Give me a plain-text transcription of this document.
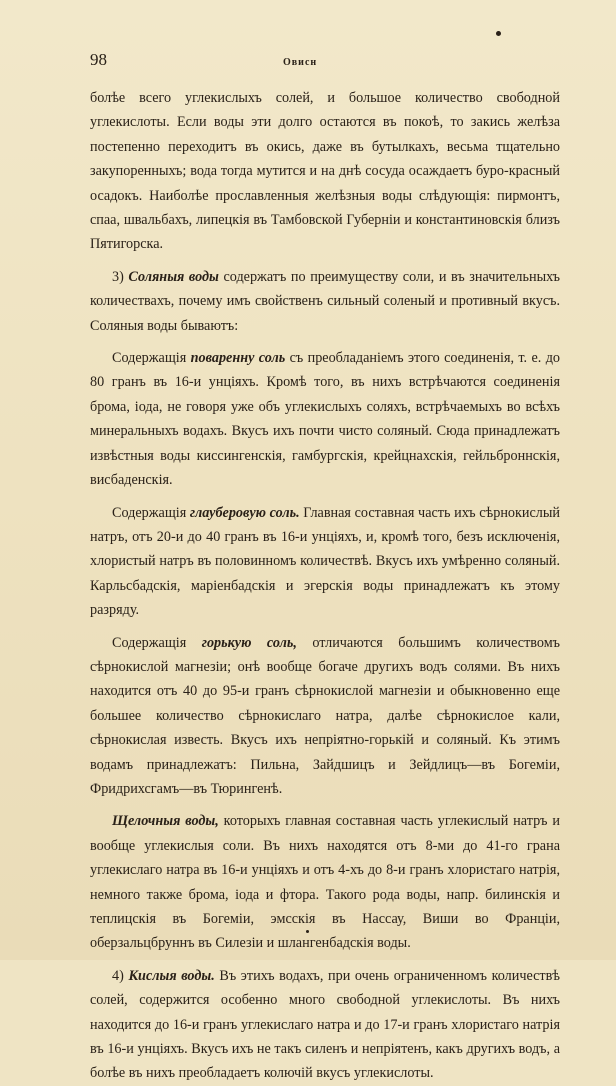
98	Овисн

болѣе всего углекислыхъ солей, и большое количество свободной углекислоты. Если воды эти долго остаются въ покоѣ, то закись желѣза постепенно переходитъ въ окись, даже въ бутылкахъ, весьма тщательно закупоренныхъ; вода тогда мутится и на днѣ сосуда осаждаетъ буро-красный осадокъ. Наиболѣе прославленныя желѣзныя воды слѣдующія: пирмонтъ, спаа, швальбахъ, липецкія въ Тамбовской Губерніи и константиновскія близъ Пятигорска.

3) Соляныя воды содержатъ по преимуществу соли, и въ значительныхъ количествахъ, почему имъ свойственъ сильный соленый и противный вкусъ. Соляныя воды бываютъ:

Содержащія поваренну соль съ преобладаніемъ этого соединенія, т. е. до 80 гранъ въ 16-и унціяхъ. Кромѣ того, въ нихъ встрѣчаются соединенія брома, іода, не говоря уже объ углекислыхъ соляхъ, встрѣчаемыхъ во всѣхъ минеральныхъ водахъ. Вкусъ ихъ почти чисто соляный. Сюда принадлежатъ извѣстныя воды киссингенскія, гамбургскія, крейцнахскія, гейльброннскія, висбаденскія.

Содержащія глауберовую соль. Главная составная часть ихъ сѣрнокислый натръ, отъ 20-и до 40 гранъ въ 16-и унціяхъ, и, кромѣ того, безъ исключенія, хлористый натръ въ половинномъ количествѣ. Вкусъ ихъ умѣренно соляный. Карльсбадскія, маріенбадскія и эгерскія воды принадлежатъ къ этому разряду.

Содержащія горькую соль, отличаются большимъ количествомъ сѣрнокислой магнезіи; онѣ вообще богаче другихъ водъ солями. Въ нихъ находится отъ 40 до 95-и гранъ сѣрнокислой магнезіи и обыкновенно еще большее количество сѣрнокислаго натра, далѣе сѣрнокислое кали, сѣрнокислая известь. Вкусъ ихъ непріятно-горькій и соляный. Къ этимъ водамъ принадлежатъ: Пильна, Зайдшицъ и Зейдлицъ—въ Богеміи, Фридрихсгамъ—въ Тюрингенѣ.

Щелочныя воды, которыхъ главная составная часть углекислый натръ и вообще углекислыя соли. Въ нихъ находятся отъ 8-ми до 41-го грана углекислаго натра въ 16-и унціяхъ и отъ 4-хъ до 8-и гранъ хлористаго натрія, немного также брома, іода и фтора. Такого рода воды, напр. билинскія и теплицскія въ Богеміи, эмсскія въ Нассау, Виши во Франціи, оберзальцбруннъ въ Силезіи и шлангенбадскія воды.

4) Кислыя воды. Въ этихъ водахъ, при очень ограниченномъ количествѣ солей, содержится особенно много свободной углекислоты. Въ нихъ находится до 16-и гранъ углекислаго натра и до 17-и гранъ хлористаго натрія въ 16-и унціяхъ. Вкусъ ихъ не такъ силенъ и непріятенъ, какъ другихъ водъ, а болѣе въ нихъ преобладаетъ колючій вкусъ углекислоты.
